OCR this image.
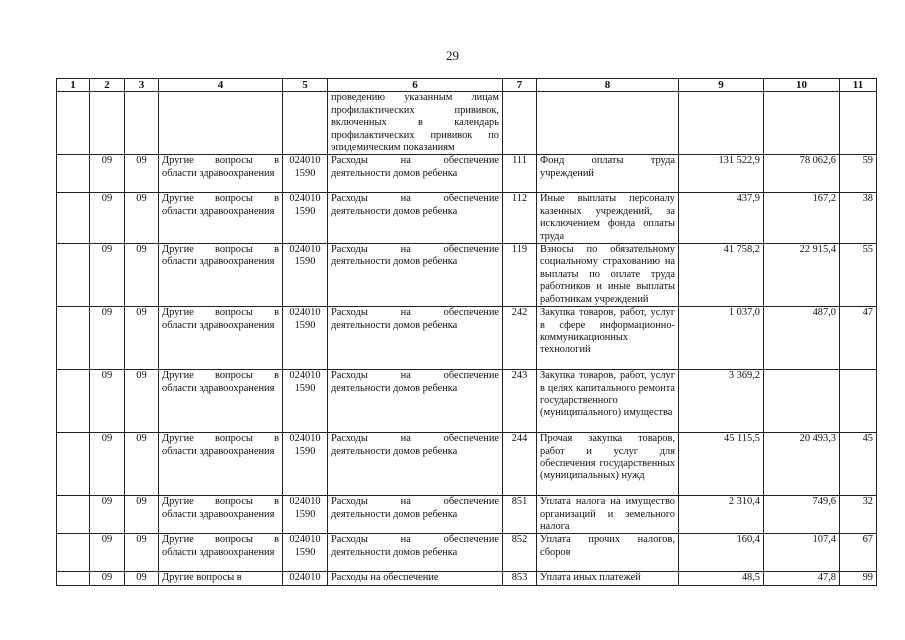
29
1	2	3	4	5	6	7	8	9	10	11
					проведению указанным лицам профилактических прививок, включенных в календарь профилактических прививок по эпидемическим показаниям					
	09	09	Другие вопросы в области здравоохранения	024010 1590	Расходы на обеспечение деятельности домов ребенка	111	Фонд оплаты труда учреждений	131 522,9	78 062,6	59
	09	09	Другие вопросы в области здравоохранения	024010 1590	Расходы на обеспечение деятельности домов ребенка	112	Иные выплаты персоналу казенных учреждений, за исключением фонда оплаты труда	437,9	167,2	38
	09	09	Другие вопросы в области здравоохранения	024010 1590	Расходы на обеспечение деятельности домов ребенка	119	Взносы по обязательному социальному страхованию на выплаты по оплате труда работников и иные выплаты работникам учреждений	41 758,2	22 915,4	55
	09	09	Другие вопросы в области здравоохранения	024010 1590	Расходы на обеспечение деятельности домов ребенка	242	Закупка товаров, работ, услуг в сфере информационно-коммуникационных технологий	1 037,0	487,0	47
	09	09	Другие вопросы в области здравоохранения	024010 1590	Расходы на обеспечение деятельности домов ребенка	243	Закупка товаров, работ, услуг в целях капитального ремонта государственного (муниципального) имущества	3 369,2		
	09	09	Другие вопросы в области здравоохранения	024010 1590	Расходы на обеспечение деятельности домов ребенка	244	Прочая закупка товаров, работ и услуг для обеспечения государственных (муниципальных) нужд	45 115,5	20 493,3	45
	09	09	Другие вопросы в области здравоохранения	024010 1590	Расходы на обеспечение деятельности домов ребенка	851	Уплата налога на имущество организаций и земельного налога	2 310,4	749,6	32
	09	09	Другие вопросы в области здравоохранения	024010 1590	Расходы на обеспечение деятельности домов ребенка	852	Уплата прочих налогов, сборов	160,4	107,4	67
	09	09	Другие вопросы в	024010	Расходы на обеспечение	853	Уплата иных платежей	48,5	47,8	99
